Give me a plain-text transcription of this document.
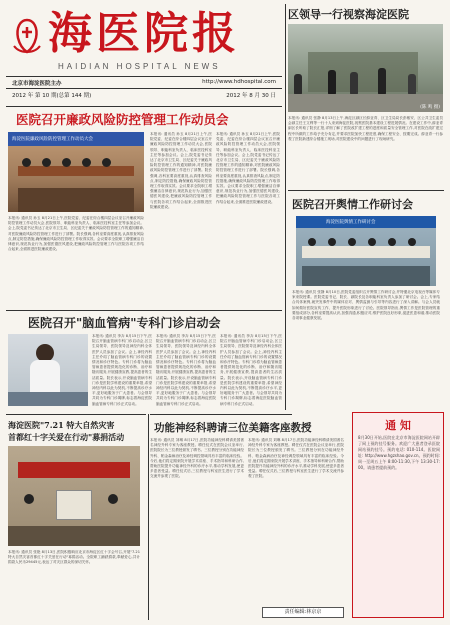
海医院报
HAIDIAN HOSPITAL NEWS
北京市海淀医院主办	http://www.hdhospital.com
2012 年 第 10 期(总第 144 期)	2012 年 8 月 30 日
区领导一行视察海淀医院
(陈 鸣 摄)
本报讯: 通讯员 张静 8月13日上午,海淀区副区长薛亚青、区卫生局局长彭敏安、区公共卫生委员会副主任王文利等一行十人来到海淀医院,视察医院基本建设工程进展情况。在建设工作中,薛亚青副区长听取了院长汇报,详细了解了医院改扩建工程的进度和质量安全管理工作,对医院在改扩建过程中所做的工作给予充分肯定,并要求医院加快工程进度,确保工程安全、按期完成。薛亚青一行参观了医院新建综合楼施工现场,对医院建设中的问题进行了现场研究。
医院召开廉政风险防控管理工作动员会
海淀医院廉政风险防控管理工作动员大会
本报讯: 通讯员 孙玉 8月21日上午,医院党委、纪委在综合楼四层会议室召开廉政风险防控管理工作动员大会,医院领导、职能科室负责人、临床医技科室主任等参加会议。会上,院党委书记传达了北京市卫生局、区纪委关于廉政风险防控管理工作的通知精神,对医院廉政风险防控管理工作进行了部署。院长强调,各科室要高度重视,认真排查风险点,制定防控措施,确保廉政风险防控管理工作取得实效。会议要求全院职工增强廉洁自律意识,规范执业行为,加强医德医风建设,把廉政风险防控管理工作与医院各项工作结合起来,全面推进医院廉政建设。
本报讯: 通讯员 孙玉 8月21日上午,医院党委、纪委在综合楼四层会议室召开廉政风险防控管理工作动员大会,医院领导、职能科室负责人、临床医技科室主任等参加会议。会上,院党委书记传达了北京市卫生局、区纪委关于廉政风险防控管理工作的通知精神,对医院廉政风险防控管理工作进行了部署。院长强调,各科室要高度重视,认真排查风险点,制定防控措施,确保廉政风险防控管理工作取得实效。会议要求全院职工增强廉洁自律意识,规范执业行为,加强医德医风建设,把廉政风险防控管理工作与医院各项工作结合起来,全面推进医院廉政建设。
本报讯: 通讯员 孙玉 8月21日上午,医院党委、纪委在综合楼四层会议室召开廉政风险防控管理工作动员大会,医院领导、职能科室负责人、临床医技科室主任等参加会议。会上,院党委书记传达了北京市卫生局、区纪委关于廉政风险防控管理工作的通知精神,对医院廉政风险防控管理工作进行了部署。院长强调,各科室要高度重视,认真排查风险点,制定防控措施,确保廉政风险防控管理工作取得实效。会议要求全院职工增强廉洁自律意识,规范执业行为,加强医德医风建设,把廉政风险防控管理工作与医院各项工作结合起来,全面推进医院廉政建设。	医院召开舆情工作研讨会
海淀医院舆情工作研讨会
本报讯: 通讯员 张静 8月10日,医院党委组织召开舆情工作研讨会,并特邀北京电视台等媒体专家来院授课。医院党委书记、院长、副院长及各职能科室负责人参加了研讨会。会上,专家结合具体案例,就突发事件中的媒体应对、舆情监测与引导等内容进行了深入讲解。与会人员就如何做好医院宣传工作、提升医院形象进行了讨论。医院领导指出,舆情工作是医院管理的重要组成部分,各科室要提高认识,加强沟通,积极应对,维护医院良好形象,促进医患和谐,推动医院各项事业健康发展。
医院召开"脑血管病"专科门诊启动会
本报讯: 通讯员 李卉 8月15日下午,医院召开脑血管病专科门诊启动会,区卫生局领导、医院领导及神经内科全体医护人员参加了会议。会上,神经内科主任介绍了脑血管病专科门诊的设置情况和诊疗特色。专科门诊将为脑血管病患者提供规范化的诊断、治疗和随访服务,开展健康宣教,提高患者的生活质量。院长表示,开设脑血管病专科门诊是医院学科建设的重要举措,希望神经内科以此为契机,不断提高诊疗水平,更好地服务于广大患者。与会领导共同为专科门诊揭牌,标志着海淀医院脑血管病专科门诊正式启动。
本报讯: 通讯员 李卉 8月15日下午,医院召开脑血管病专科门诊启动会,区卫生局领导、医院领导及神经内科全体医护人员参加了会议。会上,神经内科主任介绍了脑血管病专科门诊的设置情况和诊疗特色。专科门诊将为脑血管病患者提供规范化的诊断、治疗和随访服务,开展健康宣教,提高患者的生活质量。院长表示,开设脑血管病专科门诊是医院学科建设的重要举措,希望神经内科以此为契机,不断提高诊疗水平,更好地服务于广大患者。与会领导共同为专科门诊揭牌,标志着海淀医院脑血管病专科门诊正式启动。
本报讯: 通讯员 李卉 8月15日下午,医院召开脑血管病专科门诊启动会,区卫生局领导、医院领导及神经内科全体医护人员参加了会议。会上,神经内科主任介绍了脑血管病专科门诊的设置情况和诊疗特色。专科门诊将为脑血管病患者提供规范化的诊断、治疗和随访服务,开展健康宣教,提高患者的生活质量。院长表示,开设脑血管病专科门诊是医院学科建设的重要举措,希望神经内科以此为契机,不断提高诊疗水平,更好地服务于广大患者。与会领导共同为专科门诊揭牌,标志着海淀医院脑血管病专科门诊正式启动。
海淀医院"7.21 特大自然灾害
首都红十字关爱在行动"募捐活动
本报讯: 通讯员 张艳 8月13日,医院积极响应北京市海淀区红十字会号召,开展"7.21特大自然灾害首都红十字关爱在行动"募捐活动。全院职工踊跃捐款,奉献爱心,共计捐款人民币29445元,表达了对灾区群众的深切关怀。
功能神经科聘请三位美籍客座教授
本报讯: 通讯员 刘琳 8月17日,医院功能神经科聘请美国著名神经外科专家为客座教授。聘任仪式在医院会议室举行,医院院长为三位教授颁发了聘书。三位教授分别在功能神经外科、帕金森病治疗及神经调控领域具有丰富的临床经验。今后,他们将定期来院开展学术讲座、手术指导和科研合作,帮助医院提升功能神经外科的诊疗水平,推动学科发展,使更多患者受益。聘任仪式后,三位教授与科室医生进行了学术交流并参观了医院。
本报讯: 通讯员 刘琳 8月17日,医院功能神经科聘请美国著名神经外科专家为客座教授。聘任仪式在医院会议室举行,医院院长为三位教授颁发了聘书。三位教授分别在功能神经外科、帕金森病治疗及神经调控领域具有丰富的临床经验。今后,他们将定期来院开展学术讲座、手术指导和科研合作,帮助医院提升功能神经外科的诊疗水平,推动学科发展,使更多患者受益。聘任仪式后,三位教授与科室医生进行了学术交流并参观了医院。
通 知
8月30日开始,医院在北京市海淀医院网站开辟了网上预约挂号服务。欢迎广大患者登录医院网站预约挂号。预约电话: 010-114。医院网址: http://www.hgzshao.gov.cn。预约时间: 周一至周五上午 8:00-11:30,下午 13:30-17:00。请患者提前预约。
责任编辑:林京京
